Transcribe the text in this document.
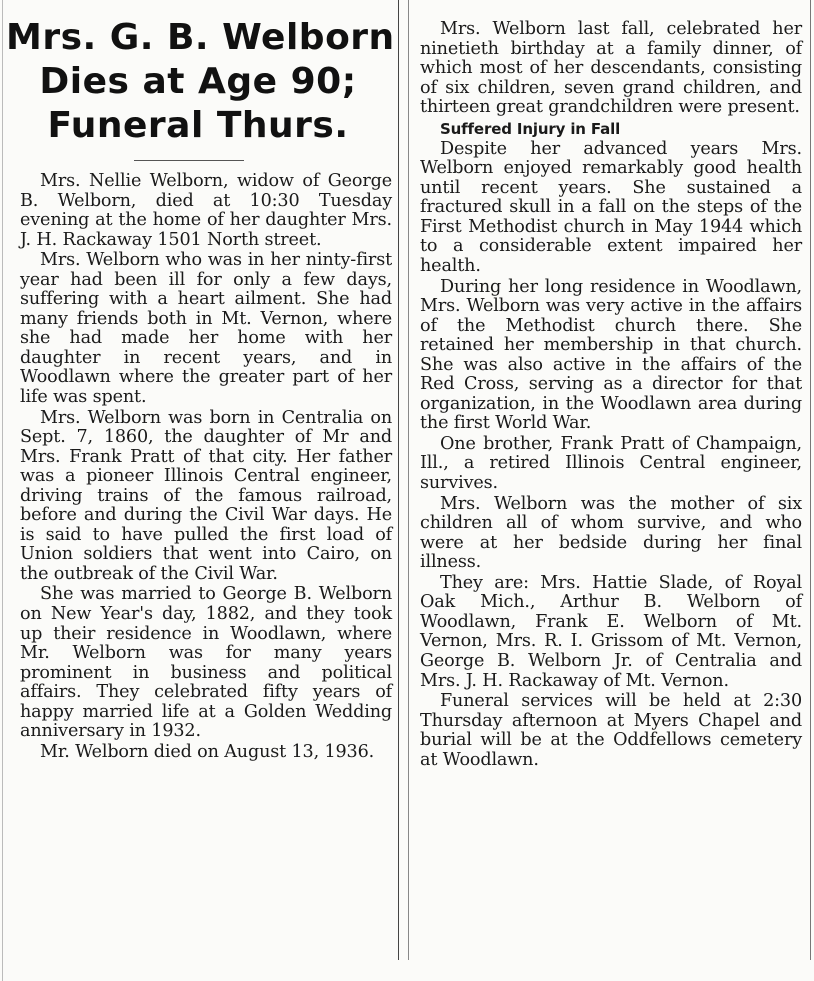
Mrs. G. B. Welborn
Dies at Age 90;
Funeral Thurs.

Mrs. Nellie Welborn, widow of George B. Welborn, died at 10:30 Tuesday evening at the home of her daughter Mrs. J. H. Rackaway 1501 North street.

Mrs. Welborn who was in her ninty-first year had been ill for only a few days, suffering with a heart ailment. She had many friends both in Mt. Vernon, where she had made her home with her daughter in recent years, and in Woodlawn where the greater part of her life was spent.

Mrs. Welborn was born in Centralia on Sept. 7, 1860, the daughter of Mr and Mrs. Frank Pratt of that city. Her father was a pioneer Illinois Central engineer, driving trains of the famous railroad, before and during the Civil War days. He is said to have pulled the first load of Union soldiers that went into Cairo, on the outbreak of the Civil War.

She was married to George B. Welborn on New Year's day, 1882, and they took up their residence in Woodlawn, where Mr. Welborn was for many years prominent in business and political affairs. They celebrated fifty years of happy married life at a Golden Wedding anniversary in 1932.

Mr. Welborn died on August 13, 1936.

Mrs. Welborn last fall, celebrated her ninetieth birthday at a family dinner, of which most of her descendants, consisting of six children, seven grand children, and thirteen great grandchildren were present.

Suffered Injury in Fall

Despite her advanced years Mrs. Welborn enjoyed remarkably good health until recent years. She sustained a fractured skull in a fall on the steps of the First Methodist church in May 1944 which to a considerable extent impaired her health.

During her long residence in Woodlawn, Mrs. Welborn was very active in the affairs of the Methodist church there. She retained her membership in that church. She was also active in the affairs of the Red Cross, serving as a director for that organization, in the Woodlawn area during the first World War.

One brother, Frank Pratt of Champaign, Ill., a retired Illinois Central engineer, survives.

Mrs. Welborn was the mother of six children all of whom survive, and who were at her bedside during her final illness.

They are: Mrs. Hattie Slade, of Royal Oak Mich., Arthur B. Welborn of Woodlawn, Frank E. Welborn of Mt. Vernon, Mrs. R. I. Grissom of Mt. Vernon, George B. Welborn Jr. of Centralia and Mrs. J. H. Rackaway of Mt. Vernon.

Funeral services will be held at 2:30 Thursday afternoon at Myers Chapel and burial will be at the Oddfellows cemetery at Woodlawn.
